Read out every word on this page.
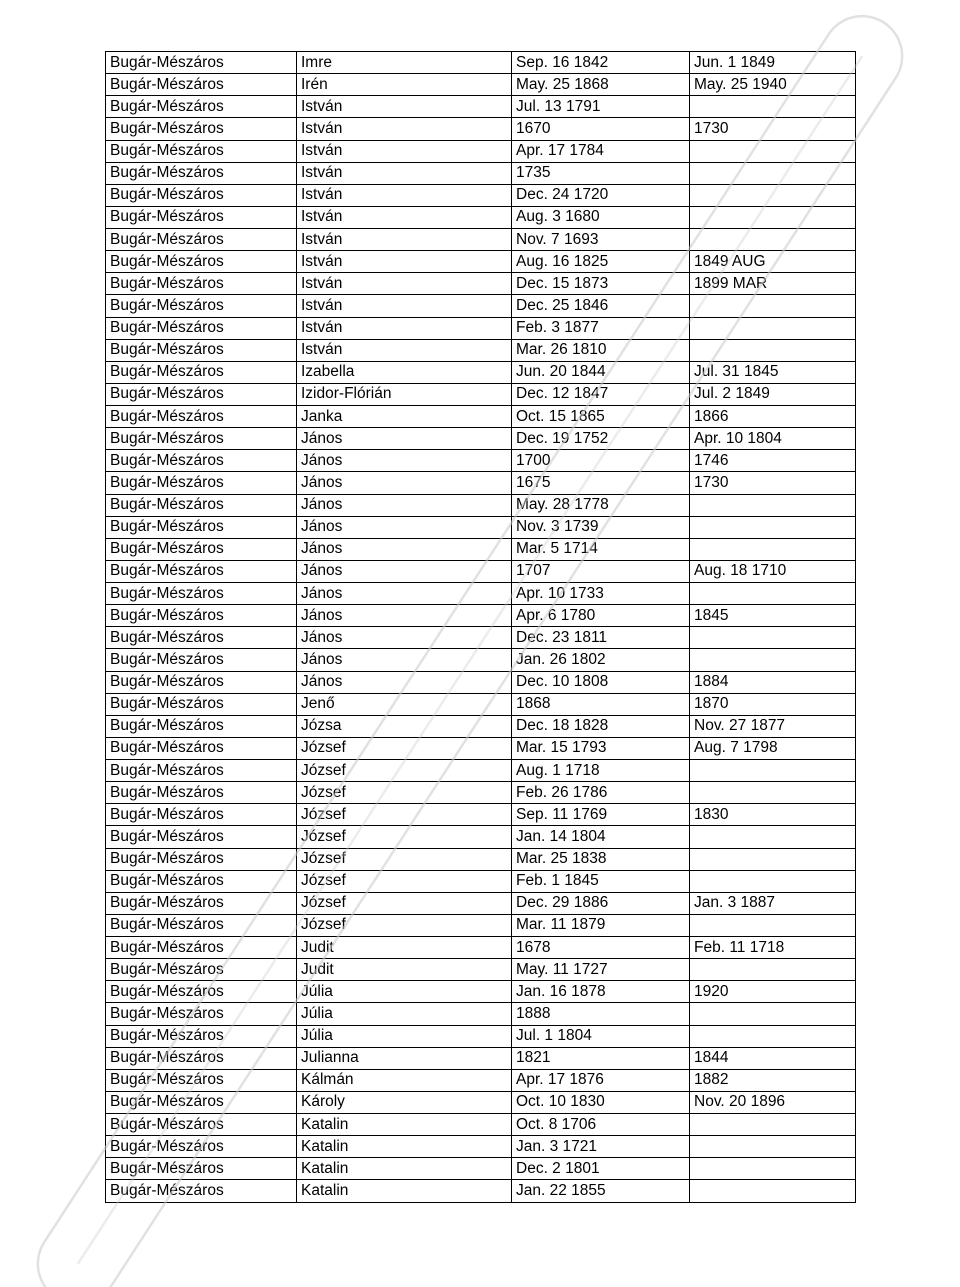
Bugár-Mészáros	Imre	Sep. 16 1842	Jun. 1 1849
Bugár-Mészáros	Irén	May. 25 1868	May. 25 1940
Bugár-Mészáros	István	Jul. 13 1791	
Bugár-Mészáros	István	1670	1730
Bugár-Mészáros	István	Apr. 17 1784	
Bugár-Mészáros	István	1735	
Bugár-Mészáros	István	Dec. 24 1720	
Bugár-Mészáros	István	Aug. 3 1680	
Bugár-Mészáros	István	Nov. 7 1693	
Bugár-Mészáros	István	Aug. 16 1825	1849 AUG
Bugár-Mészáros	István	Dec. 15 1873	1899 MAR
Bugár-Mészáros	István	Dec. 25 1846	
Bugár-Mészáros	István	Feb. 3 1877	
Bugár-Mészáros	István	Mar. 26 1810	
Bugár-Mészáros	Izabella	Jun. 20 1844	Jul. 31 1845
Bugár-Mészáros	Izidor-Flórián	Dec. 12 1847	Jul. 2 1849
Bugár-Mészáros	Janka	Oct. 15 1865	1866
Bugár-Mészáros	János	Dec. 19 1752	Apr. 10 1804
Bugár-Mészáros	János	1700	1746
Bugár-Mészáros	János	1675	1730
Bugár-Mészáros	János	May. 28 1778	
Bugár-Mészáros	János	Nov. 3 1739	
Bugár-Mészáros	János	Mar. 5 1714	
Bugár-Mészáros	János	1707	Aug. 18 1710
Bugár-Mészáros	János	Apr. 10 1733	
Bugár-Mészáros	János	Apr. 6 1780	1845
Bugár-Mészáros	János	Dec. 23 1811	
Bugár-Mészáros	János	Jan. 26 1802	
Bugár-Mészáros	János	Dec. 10 1808	1884
Bugár-Mészáros	Jenő	1868	1870
Bugár-Mészáros	Józsa	Dec. 18 1828	Nov. 27 1877
Bugár-Mészáros	József	Mar. 15 1793	Aug. 7 1798
Bugár-Mészáros	József	Aug. 1 1718	
Bugár-Mészáros	József	Feb. 26 1786	
Bugár-Mészáros	József	Sep. 11 1769	1830
Bugár-Mészáros	József	Jan. 14 1804	
Bugár-Mészáros	József	Mar. 25 1838	
Bugár-Mészáros	József	Feb. 1 1845	
Bugár-Mészáros	József	Dec. 29 1886	Jan. 3 1887
Bugár-Mészáros	József	Mar. 11 1879	
Bugár-Mészáros	Judit	1678	Feb. 11 1718
Bugár-Mészáros	Judit	May. 11 1727	
Bugár-Mészáros	Júlia	Jan. 16 1878	1920
Bugár-Mészáros	Júlia	1888	
Bugár-Mészáros	Júlia	Jul. 1 1804	
Bugár-Mészáros	Julianna	1821	1844
Bugár-Mészáros	Kálmán	Apr. 17 1876	1882
Bugár-Mészáros	Károly	Oct. 10 1830	Nov. 20 1896
Bugár-Mészáros	Katalin	Oct. 8 1706	
Bugár-Mészáros	Katalin	Jan. 3 1721	
Bugár-Mészáros	Katalin	Dec. 2 1801	
Bugár-Mészáros	Katalin	Jan. 22 1855	
